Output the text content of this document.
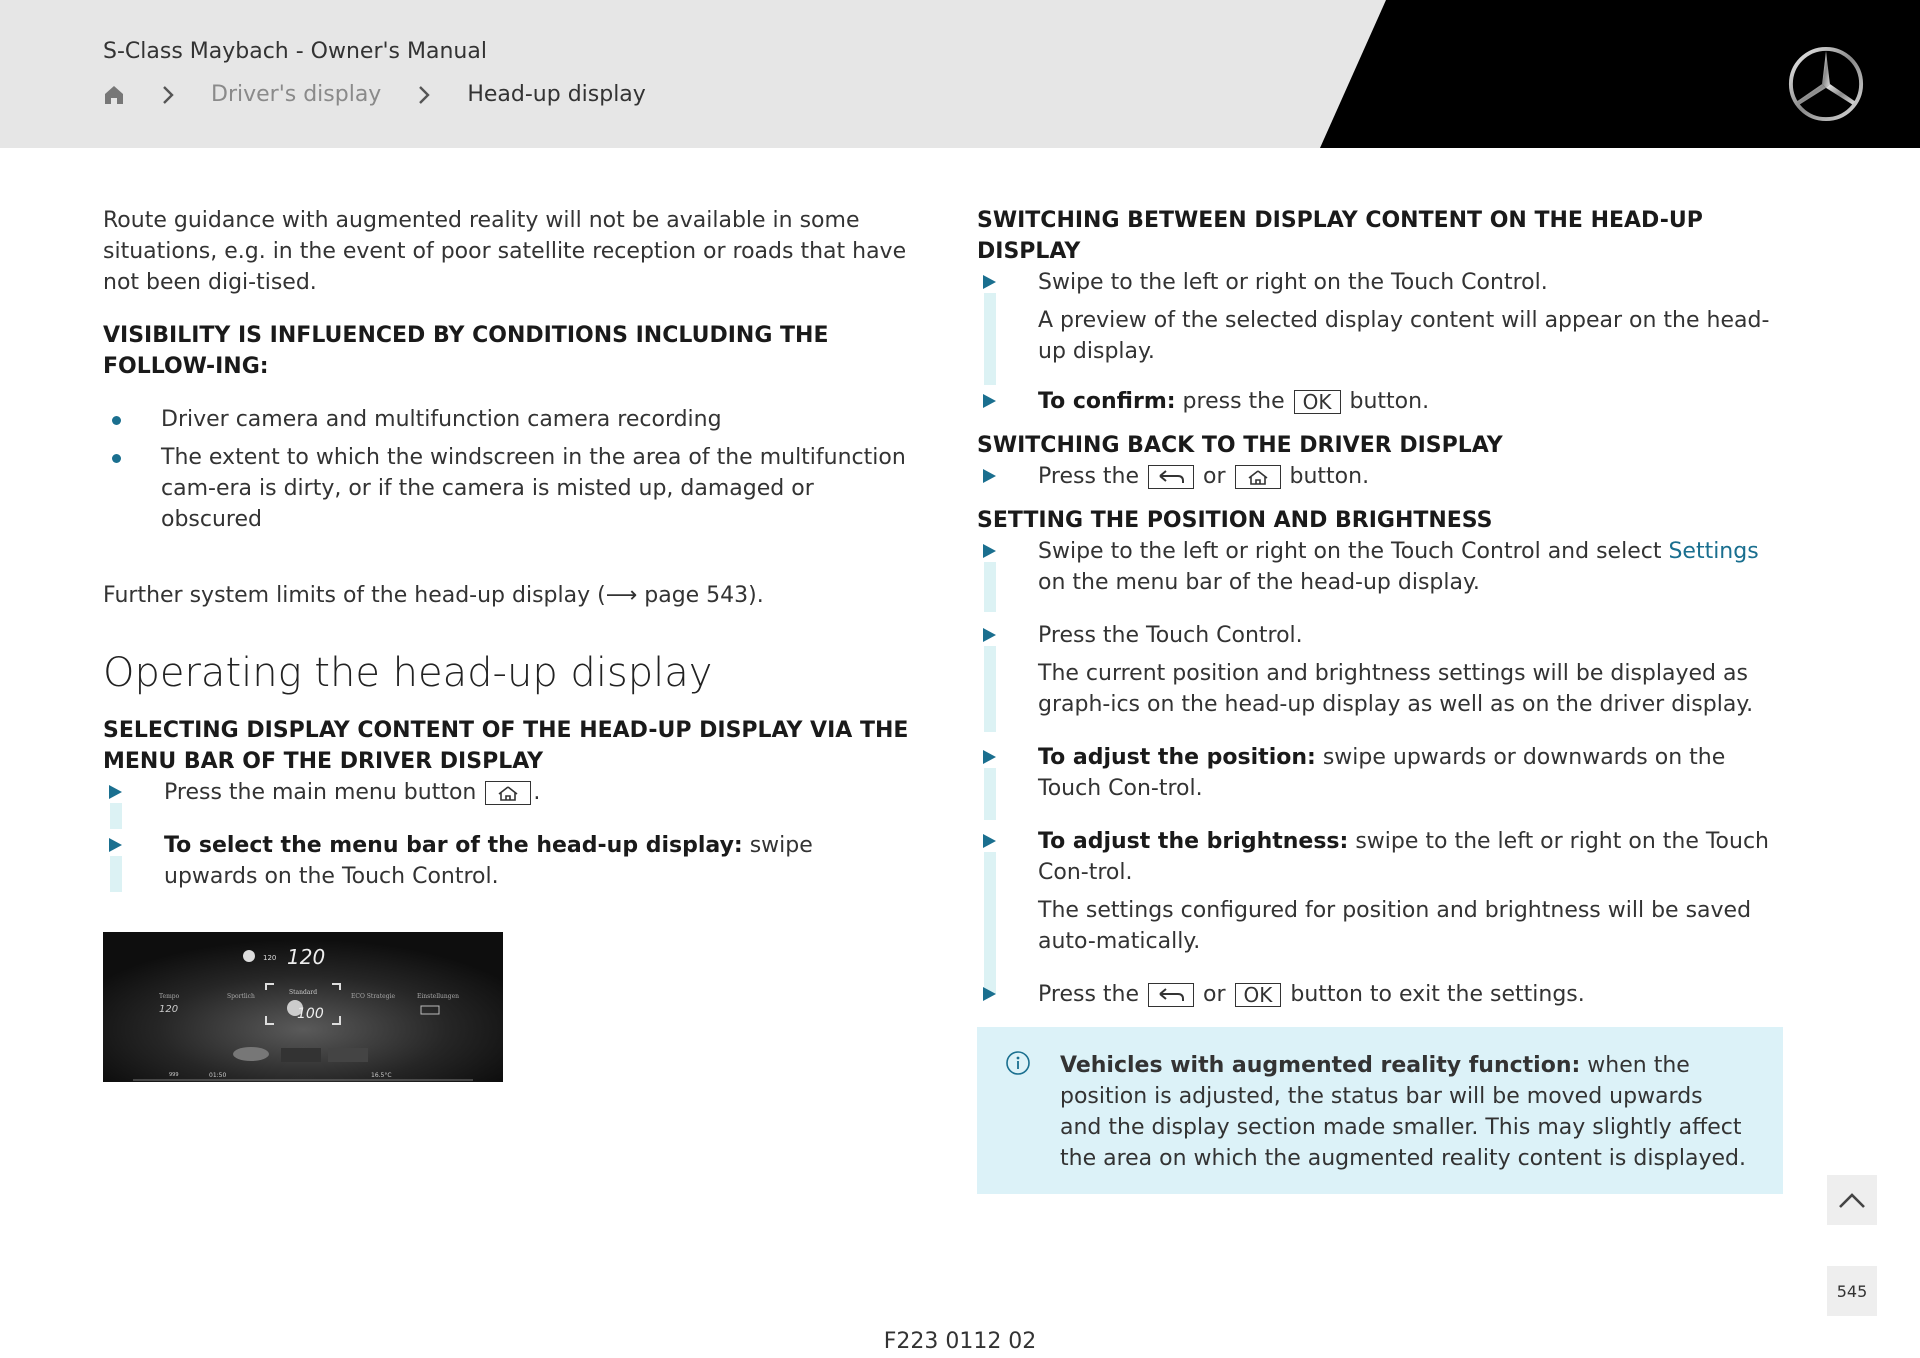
S-Class Maybach - Owner's Manual
Driver's display	Head-up display

Route guidance with augmented reality will not be available in some situations, e.g. in the event of poor satellite reception or roads that have not been digi-tised.

VISIBILITY IS INFLUENCED BY CONDITIONS INCLUDING THE FOLLOW-ING:

Driver camera and multifunction camera recording
The extent to which the windscreen in the area of the multifunction cam-era is dirty, or if the camera is misted up, damaged or obscured

Further system limits of the head-up display (⟶ page 543).

Operating the head-up display

SELECTING DISPLAY CONTENT OF THE HEAD-UP DISPLAY VIA THE MENU BAR OF THE DRIVER DISPLAY

Press the main menu button	.
To select the menu bar of the head-up display: swipe upwards on the Touch Control.
120 120
Tempo
120
Sportlich
Standard
ECO Strategie	Einstellungen
100
999	01:50	16.5°C

SWITCHING BETWEEN DISPLAY CONTENT ON THE HEAD-UP DISPLAY

Swipe to the left or right on the Touch Control.
A preview of the selected display content will appear on the head-up display.
To confirm: press the OK button.

SWITCHING BACK TO THE DRIVER DISPLAY

Press the	or	button.

SETTING THE POSITION AND BRIGHTNESS

Swipe to the left or right on the Touch Control and select Settings on the menu bar of the head-up display.
Press the Touch Control.
The current position and brightness settings will be displayed as graph-ics on the head-up display as well as on the driver display.
To adjust the position: swipe upwards or downwards on the Touch Con-trol.
To adjust the brightness: swipe to the left or right on the Touch Con-trol.
The settings configured for position and brightness will be saved auto-matically.
Press the	or OK button to exit the settings.
Vehicles with augmented reality function: when the position is adjusted, the status bar will be moved upwards and the display section made smaller. This may slightly affect the area on which the augmented reality content is displayed.
545
F223 0112 02
